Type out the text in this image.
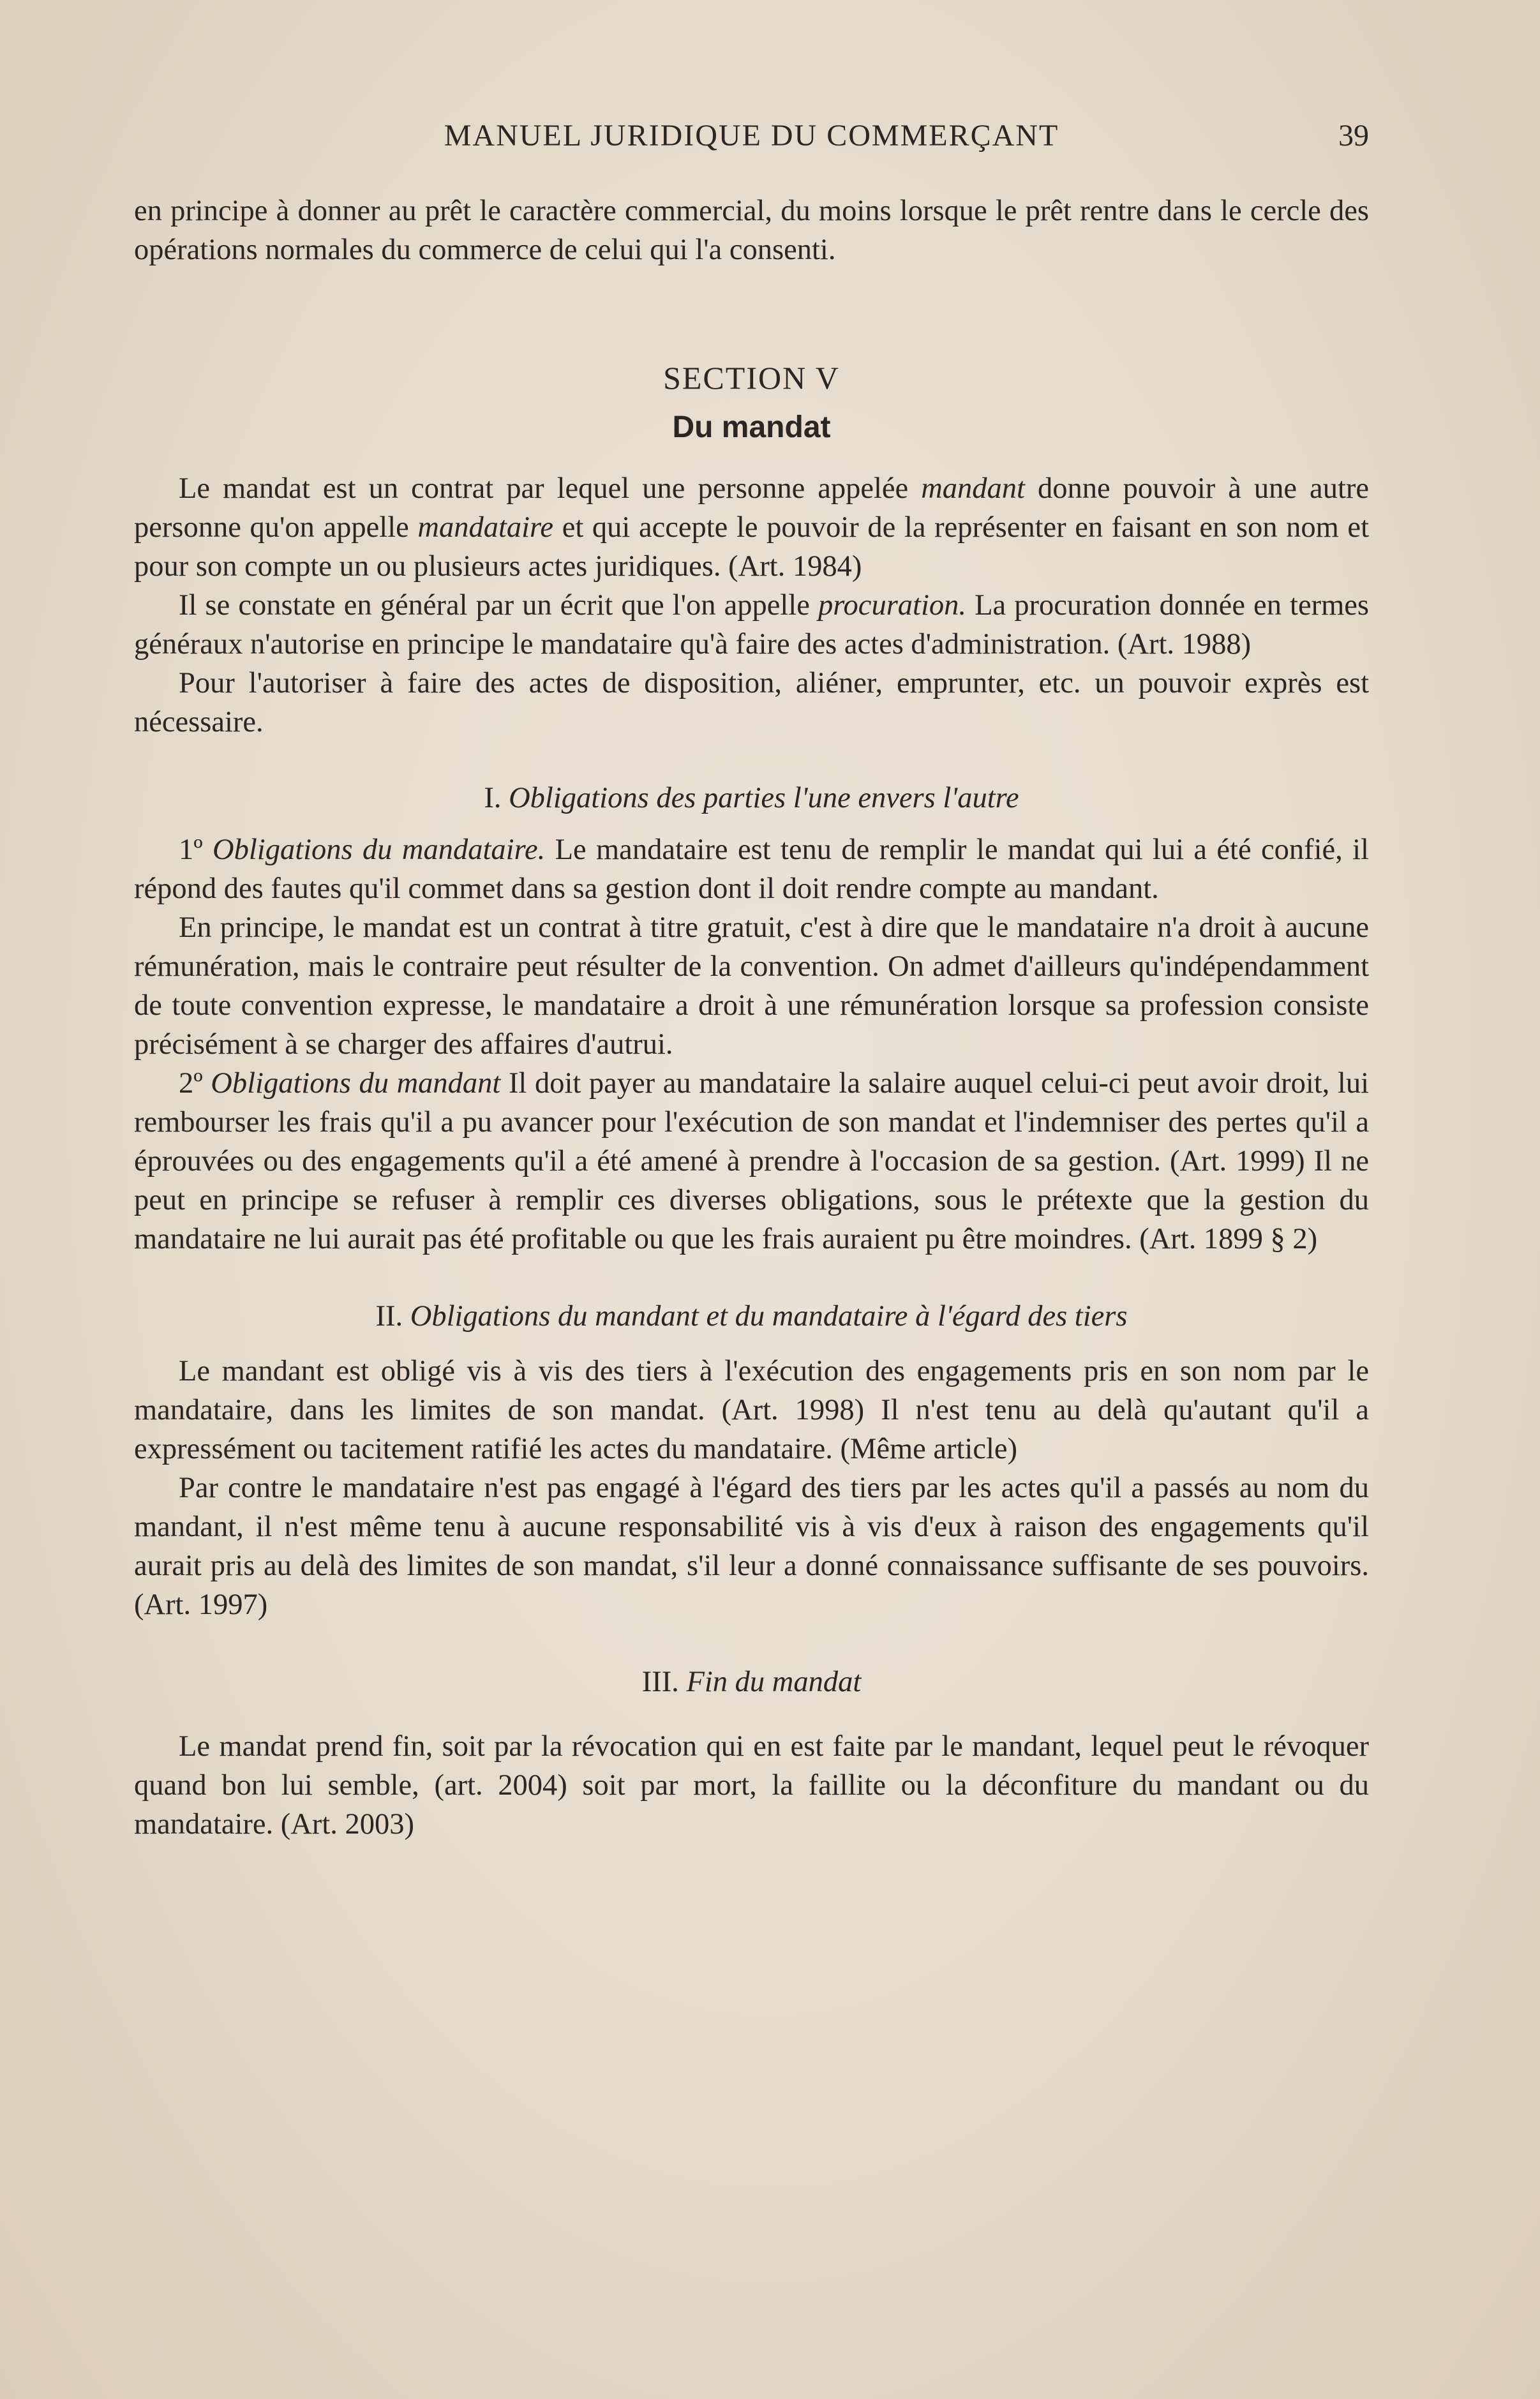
MANUEL JURIDIQUE DU COMMERÇANT	39

en principe à donner au prêt le caractère commercial, du moins lorsque le prêt rentre dans le cercle des opérations normales du commerce de celui qui l'a consenti.

SECTION V
Du mandat

Le mandat est un contrat par lequel une personne appelée mandant donne pouvoir à une autre personne qu'on appelle mandataire et qui accepte le pouvoir de la représenter en faisant en son nom et pour son compte un ou plusieurs actes juridiques. (Art. 1984)

Il se constate en général par un écrit que l'on appelle procuration. La procuration donnée en termes généraux n'autorise en principe le mandataire qu'à faire des actes d'administration. (Art. 1988)

Pour l'autoriser à faire des actes de disposition, aliéner, emprunter, etc. un pouvoir exprès est nécessaire.

I. Obligations des parties l'une envers l'autre

1º Obligations du mandataire. Le mandataire est tenu de remplir le mandat qui lui a été confié, il répond des fautes qu'il commet dans sa gestion dont il doit rendre compte au mandant.

En principe, le mandat est un contrat à titre gratuit, c'est à dire que le mandataire n'a droit à aucune rémunération, mais le contraire peut résulter de la convention. On admet d'ailleurs qu'indépendamment de toute convention expresse, le mandataire a droit à une rémunération lorsque sa profession consiste précisément à se charger des affaires d'autrui.

2º Obligations du mandant Il doit payer au mandataire la salaire auquel celui-ci peut avoir droit, lui rembourser les frais qu'il a pu avancer pour l'exécution de son mandat et l'indemniser des pertes qu'il a éprouvées ou des engagements qu'il a été amené à prendre à l'occasion de sa gestion. (Art. 1999) Il ne peut en principe se refuser à remplir ces diverses obligations, sous le prétexte que la gestion du mandataire ne lui aurait pas été profitable ou que les frais auraient pu être moindres. (Art. 1899 § 2)

II. Obligations du mandant et du mandataire à l'égard des tiers

Le mandant est obligé vis à vis des tiers à l'exécution des engagements pris en son nom par le mandataire, dans les limites de son mandat. (Art. 1998) Il n'est tenu au delà qu'autant qu'il a expressément ou tacitement ratifié les actes du mandataire. (Même article)

Par contre le mandataire n'est pas engagé à l'égard des tiers par les actes qu'il a passés au nom du mandant, il n'est même tenu à aucune responsabilité vis à vis d'eux à raison des engagements qu'il aurait pris au delà des limites de son mandat, s'il leur a donné connaissance suffisante de ses pouvoirs. (Art. 1997)

III. Fin du mandat

Le mandat prend fin, soit par la révocation qui en est faite par le mandant, lequel peut le révoquer quand bon lui semble, (art. 2004) soit par mort, la faillite ou la déconfiture du mandant ou du mandataire. (Art. 2003)
